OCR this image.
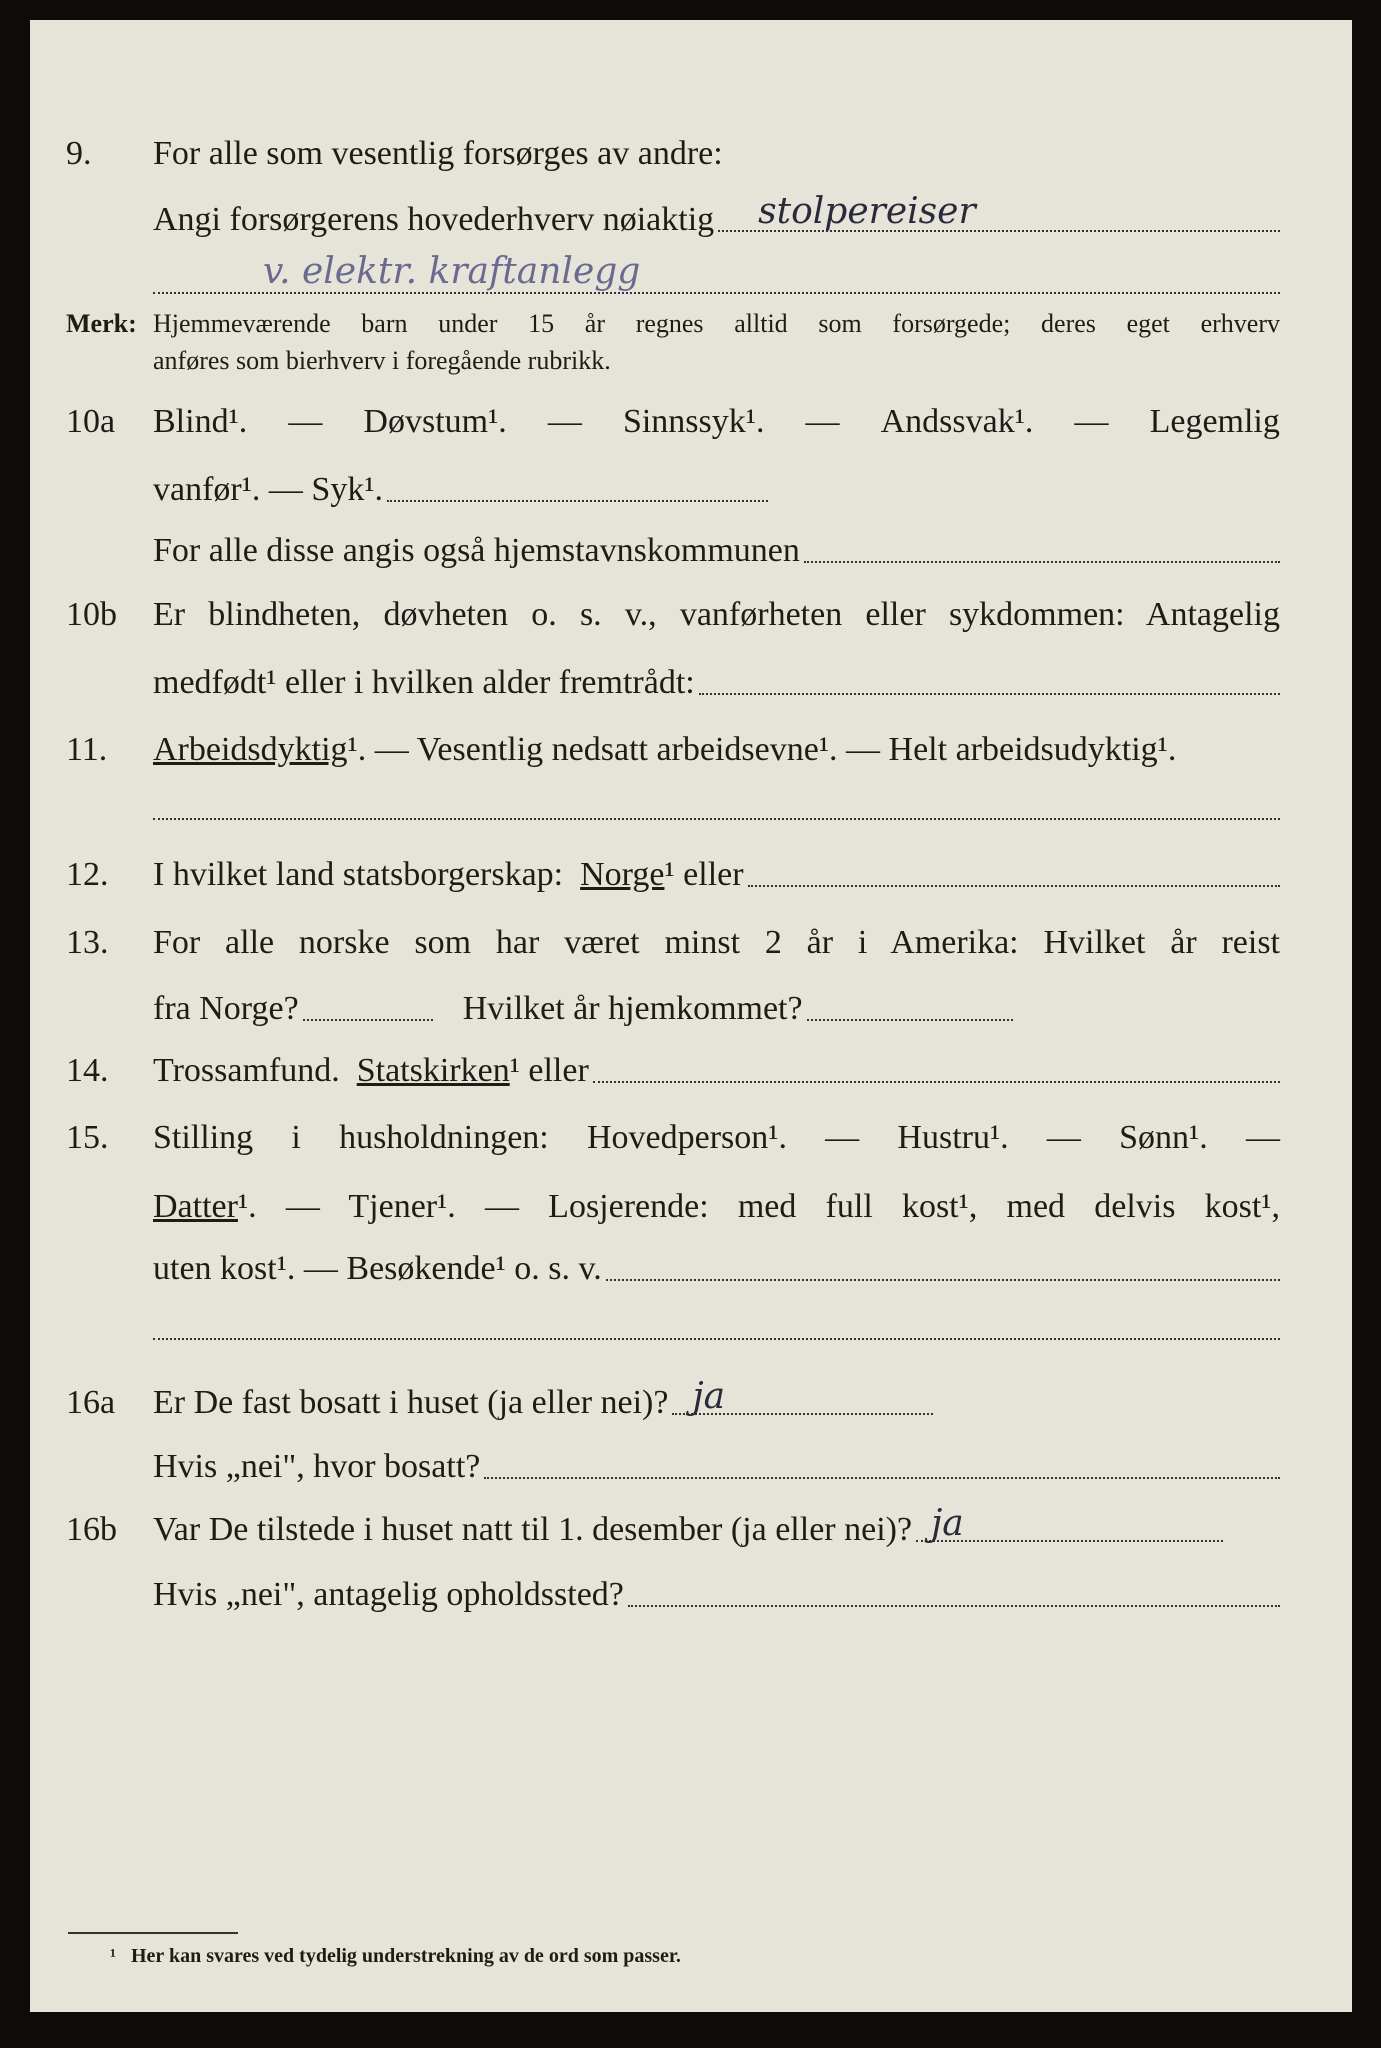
9. For alle som vesentlig forsørges av andre:
Angi forsørgerens hovederhverv nøiaktig stolpereiser
v. elektr. kraftanlegg
Merk: Hjemmeværende barn under 15 år regnes alltid som forsørgede; deres eget erhverv
anføres som bierhverv i foregående rubrikk.
10a Blind¹. — Døvstum¹. — Sinnssyk¹. — Andssvak¹. — Legemlig
vanfør¹. — Syk¹.
For alle disse angis også hjemstavnskommunen
10b Er blindheten, døvheten o. s. v., vanførheten eller sykdommen: Antagelig
medfødt¹ eller i hvilken alder fremtrådt:
11. Arbeidsdyktig ¹. — Vesentlig nedsatt arbeidsevne¹. — Helt arbeidsudyktig¹.
12. I hvilket land statsborgerskap:
Norge ¹ eller
13. For alle norske som har været minst 2 år i Amerika: Hvilket år reist
fra Norge?	Hvilket år hjemkommet?
14. Trossamfund.
Statskirken ¹ eller
15. Stilling i husholdningen: Hovedperson¹. — Hustru¹. — Sønn¹. —
Datter ¹. — Tjener¹. — Losjerende: med full kost¹, med delvis kost¹,
uten kost¹. — Besøkende¹ o. s. v.
16a Er De fast bosatt i huset (ja eller nei)? ja
Hvis „nei", hvor bosatt?
16b Var De tilstede i huset natt til 1. desember (ja eller nei)? ja
Hvis „nei", antagelig opholdssted?
¹ Her kan svares ved tydelig understrekning av de ord som passer.
